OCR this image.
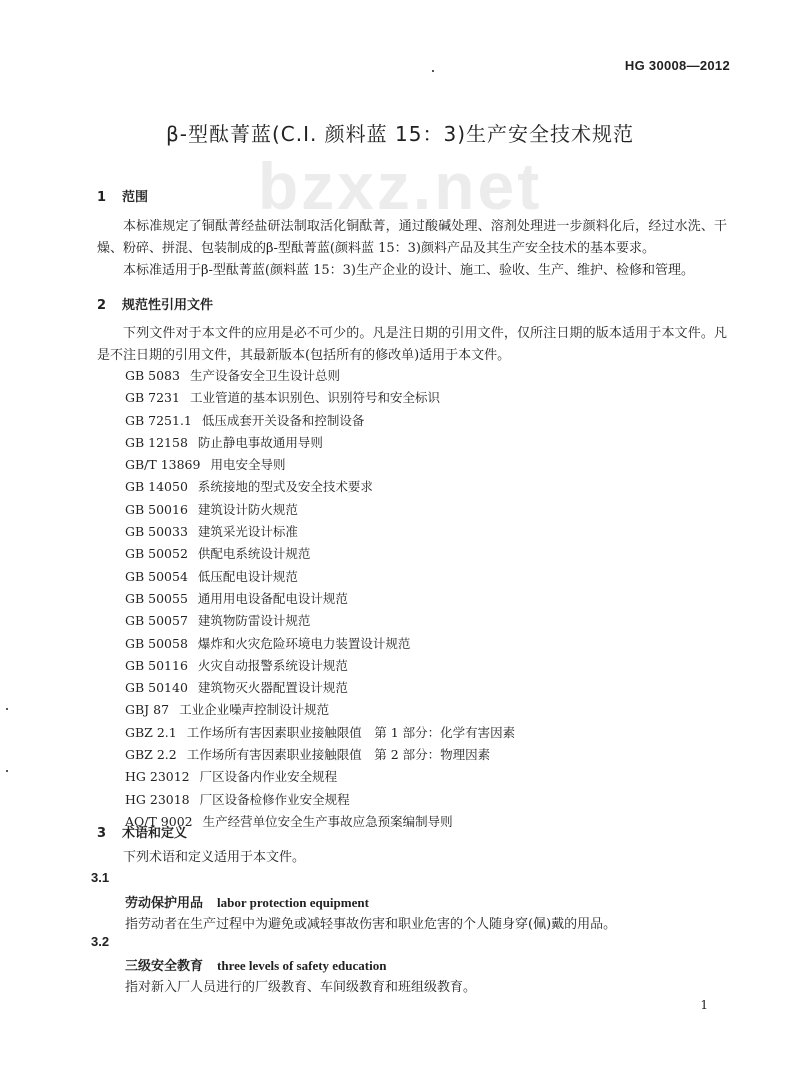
HG 30008—2012
bzxz.net
β-型酞菁蓝(C.I. 颜料蓝 15：3)生产安全技术规范
1 范围
本标准规定了铜酞菁经盐研法制取活化铜酞菁，通过酸碱处理、溶剂处理进一步颜料化后，经过水洗、干燥、粉碎、拼混、包装制成的β-型酞菁蓝(颜料蓝 15：3)颜料产品及其生产安全技术的基本要求。
本标准适用于β-型酞菁蓝(颜料蓝 15：3)生产企业的设计、施工、验收、生产、维护、检修和管理。
2 规范性引用文件
下列文件对于本文件的应用是必不可少的。凡是注日期的引用文件，仅所注日期的版本适用于本文件。凡是不注日期的引用文件，其最新版本(包括所有的修改单)适用于本文件。
GB 5083 生产设备安全卫生设计总则
GB 7231 工业管道的基本识别色、识别符号和安全标识
GB 7251.1 低压成套开关设备和控制设备
GB 12158 防止静电事故通用导则
GB/T 13869 用电安全导则
GB 14050 系统接地的型式及安全技术要求
GB 50016 建筑设计防火规范
GB 50033 建筑采光设计标准
GB 50052 供配电系统设计规范
GB 50054 低压配电设计规范
GB 50055 通用用电设备配电设计规范
GB 50057 建筑物防雷设计规范
GB 50058 爆炸和火灾危险环境电力装置设计规范
GB 50116 火灾自动报警系统设计规范
GB 50140 建筑物灭火器配置设计规范
GBJ 87 工业企业噪声控制设计规范
GBZ 2.1 工作场所有害因素职业接触限值　第 1 部分：化学有害因素
GBZ 2.2 工作场所有害因素职业接触限值　第 2 部分：物理因素
HG 23012 厂区设备内作业安全规程
HG 23018 厂区设备检修作业安全规程
AQ/T 9002 生产经营单位安全生产事故应急预案编制导则
3 术语和定义
下列术语和定义适用于本文件。
3.1
劳动保护用品 labor protection equipment
指劳动者在生产过程中为避免或减轻事故伤害和职业危害的个人随身穿(佩)戴的用品。
3.2
三级安全教育 three levels of safety education
指对新入厂人员进行的厂级教育、车间级教育和班组级教育。
1
